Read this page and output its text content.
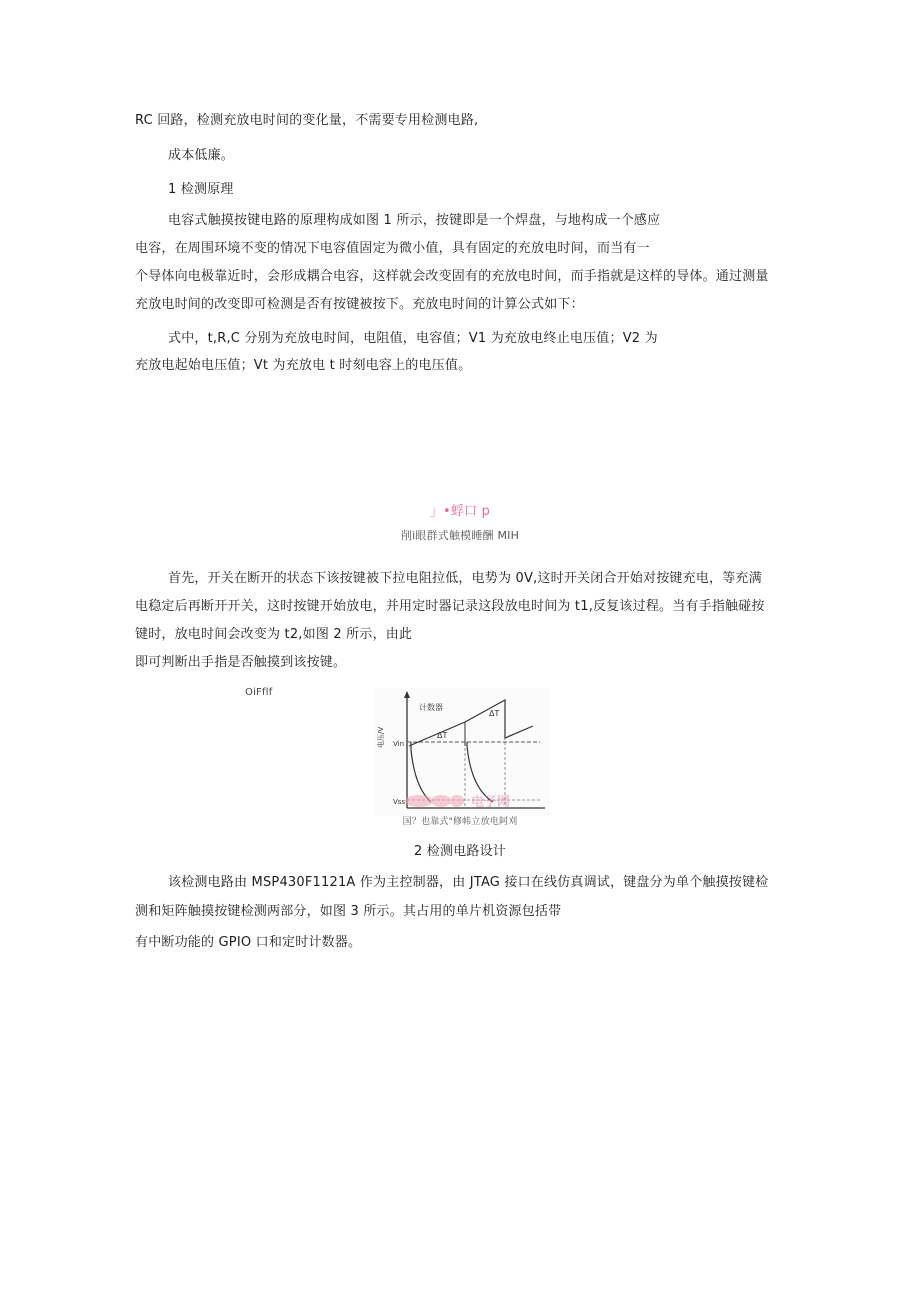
RC 回路，检测充放电时间的变化量，不需要专用检测电路,
成本低廉。
1 检测原理
电容式触摸按键电路的原理构成如图 1 所示，按键即是一个焊盘，与地构成一个感应
电容，在周围环境不变的情况下电容值固定为微小值，具有固定的充放电时间，而当有一
个导体向电极靠近时，会形成耦合电容，这样就会改变固有的充放电时间，而手指就是这样的导体。通过测量
充放电时间的改变即可检测是否有按键被按下。充放电时间的计算公式如下：
式中，t,R,C 分别为充放电时间，电阻值，电容值；V1 为充放电终止电压值；V2 为
充放电起始电压值；Vt 为充放电 t 时刻电容上的电压值。
」•蜉口 p
削i眼群式触模睡酬 MIH
首先，开关在断开的状态下该按键被下拉电阻拉低，电势为 0V,这时开关闭合开始对按键充电，等充满
电稳定后再断开开关，这时按键开始放电，并用定时器记录这段放电时间为 t1,反复该过程。当有手指触碰按
键时，放电时间会改变为 t2,如图 2 所示，由此
即可判断出手指是否触摸到该按键。
OiFflf
计数器
ΔT
ΔT
电压/V Vin
Vss	电子网
国？也靠式"修帏立放电阿刈
2 检测电路设计
该检测电路由 MSP430F1121A 作为主控制器，由 JTAG 接口在线仿真调试，键盘分为单个触摸按键检
测和矩阵触摸按键检测两部分，如图 3 所示。其占用的单片机资源包括带
有中断功能的 GPIO 口和定时计数器。
